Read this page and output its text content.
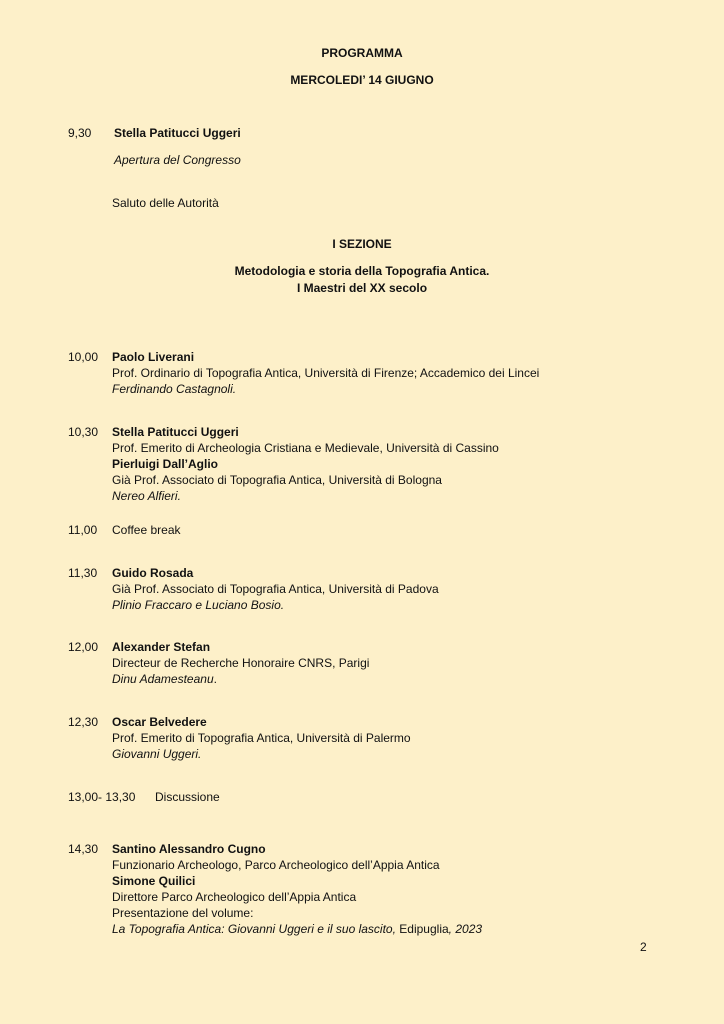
PROGRAMMA
MERCOLEDI’ 14 GIUGNO
9,30 Stella Patitucci Uggeri
Apertura del Congresso
Saluto delle Autorità
I SEZIONE
Metodologia e storia della Topografia Antica.
I Maestri del XX secolo
10,00 Paolo Liverani
Prof. Ordinario di Topografia Antica, Università di Firenze; Accademico dei Lincei
Ferdinando Castagnoli.
10,30 Stella Patitucci Uggeri
Prof. Emerito di Archeologia Cristiana e Medievale, Università di Cassino
Pierluigi Dall’Aglio
Già Prof. Associato di Topografia Antica, Università di Bologna
Nereo Alfieri.
11,00 Coffee break
11,30 Guido Rosada
Già Prof. Associato di Topografia Antica, Università di Padova
Plinio Fraccaro e Luciano Bosio.
12,00 Alexander Stefan
Directeur de Recherche Honoraire CNRS, Parigi
Dinu Adamesteanu.
12,30 Oscar Belvedere
Prof. Emerito di Topografia Antica, Università di Palermo
Giovanni Uggeri.
13,00- 13,30 Discussione
14,30 Santino Alessandro Cugno
Funzionario Archeologo, Parco Archeologico dell’Appia Antica
Simone Quilici
Direttore Parco Archeologico dell’Appia Antica
Presentazione del volume:
La Topografia Antica: Giovanni Uggeri e il suo lascito, Edipuglia, 2023
2
